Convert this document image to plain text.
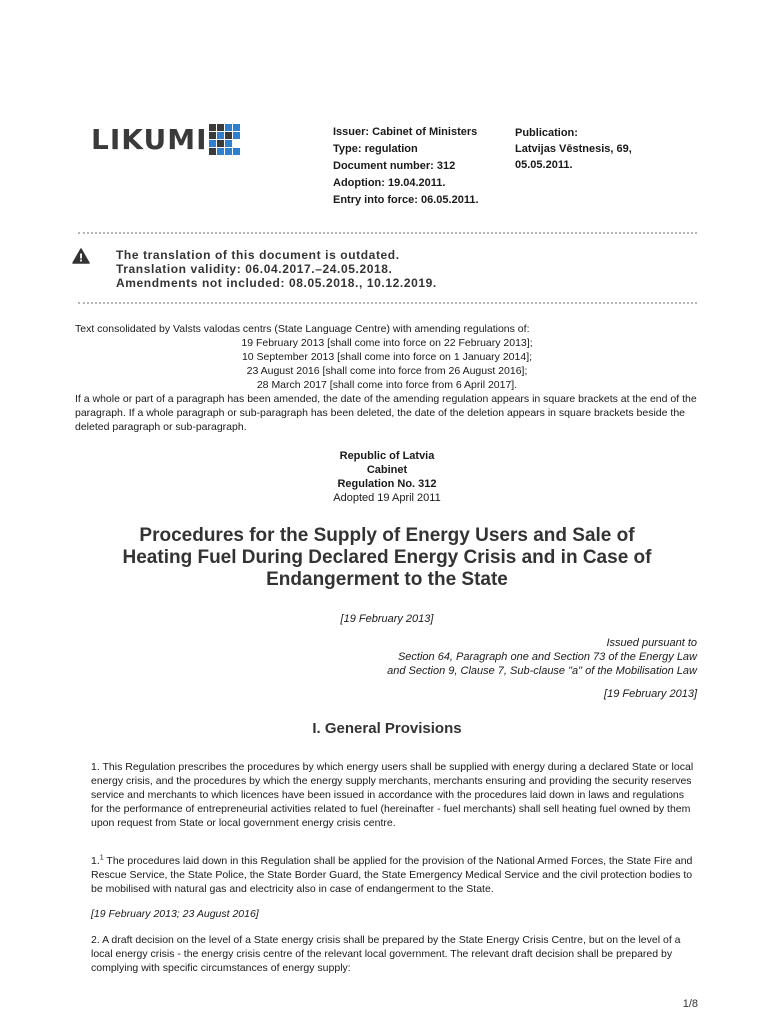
LIKUMI	Issuer: Cabinet of Ministers
Type: regulation
Document number: 312
Adoption: 19.04.2011.
Entry into force: 06.05.2011.
Publication:
Latvijas Vēstnesis, 69,
05.05.2011.
The translation of this document is outdated.
Translation validity: 06.04.2017.–24.05.2018.
Amendments not included: 08.05.2018., 10.12.2019.
Text consolidated by Valsts valodas centrs (State Language Centre) with amending regulations of:
19 February 2013 [shall come into force on 22 February 2013];
10 September 2013 [shall come into force on 1 January 2014];
23 August 2016 [shall come into force from 26 August 2016];
28 March 2017 [shall come into force from 6 April 2017].
If a whole or part of a paragraph has been amended, the date of the amending regulation appears in square brackets at the end of the paragraph. If a whole paragraph or sub-paragraph has been deleted, the date of the deletion appears in square brackets beside the deleted paragraph or sub-paragraph.
Republic of Latvia
Cabinet
Regulation No. 312
Adopted 19 April 2011
Procedures for the Supply of Energy Users and Sale of
Heating Fuel During Declared Energy Crisis and in Case of
Endangerment to the State
[19 February 2013]
Issued pursuant to
Section 64, Paragraph one and Section 73 of the Energy Law
and Section 9, Clause 7, Sub-clause "a" of the Mobilisation Law
[19 February 2013]
I. General Provisions
1. This Regulation prescribes the procedures by which energy users shall be supplied with energy during a declared State or local energy crisis, and the procedures by which the energy supply merchants, merchants ensuring and providing the security reserves service and merchants to which licences have been issued in accordance with the procedures laid down in laws and regulations for the performance of entrepreneurial activities related to fuel (hereinafter - fuel merchants) shall sell heating fuel owned by them upon request from State or local government energy crisis centre.
1.$^1$ The procedures laid down in this Regulation shall be applied for the provision of the National Armed Forces, the State Fire and Rescue Service, the State Police, the State Border Guard, the State Emergency Medical Service and the civil protection bodies to be mobilised with natural gas and electricity also in case of endangerment to the State.
[19 February 2013; 23 August 2016]
2. A draft decision on the level of a State energy crisis shall be prepared by the State Energy Crisis Centre, but on the level of a local energy crisis - the energy crisis centre of the relevant local government. The relevant draft decision shall be prepared by complying with specific circumstances of energy supply:
1/8
